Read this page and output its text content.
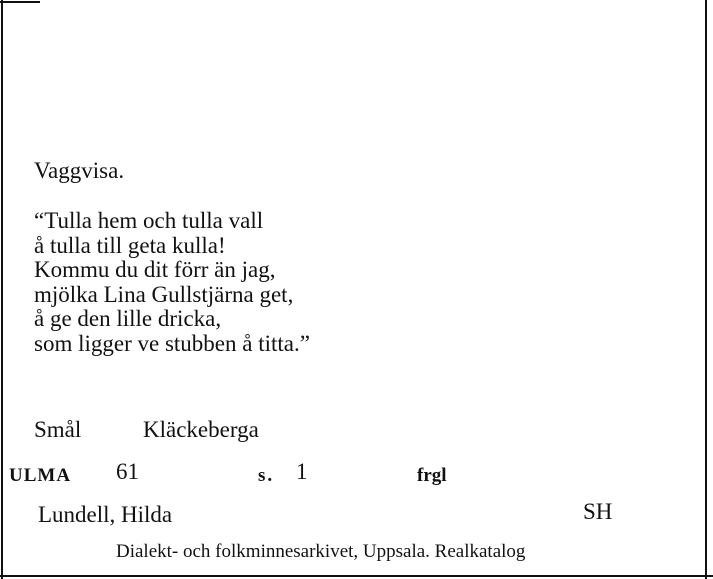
Vaggvisa.
“Tulla hem och tulla vall
å tulla till geta kulla!
Kommu du dit förr än jag,
mjölka Lina Gullstjärna get,
å ge den lille dricka,
som ligger ve stubben å titta.”
Smål	Kläckeberga
ULMA 61	s. 1	frgl
Lundell, Hilda	SH
Dialekt- och folkminnesarkivet, Uppsala. Realkatalog
